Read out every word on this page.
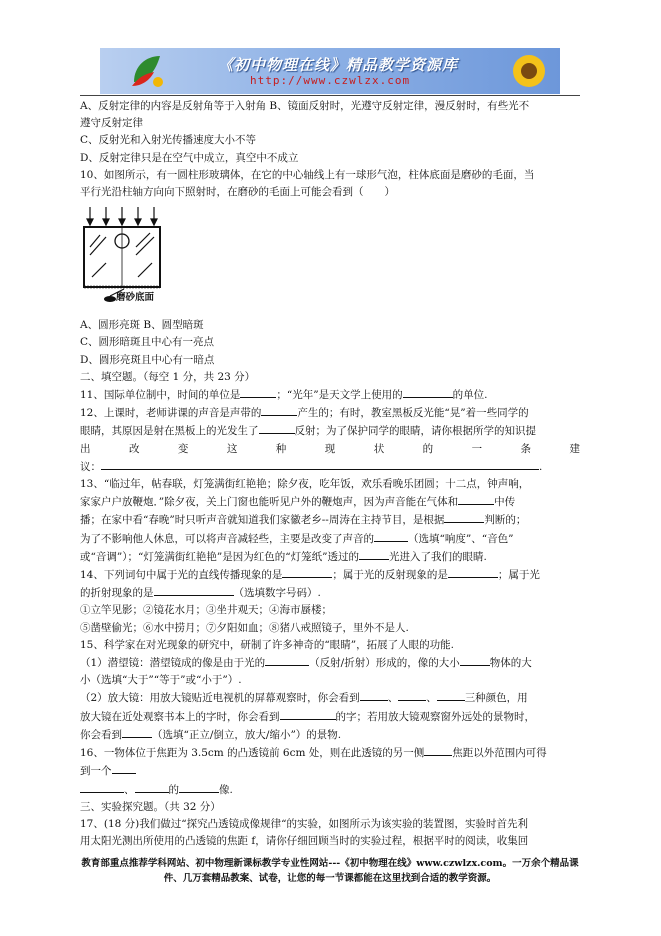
《初中物理在线》精品教学资源库
http://www.czwlzx.com

A、反射定律的内容是反射角等于入射角 B、镜面反射时，光遵守反射定律，漫反射时，有些光不

遵守反射定律

C、反射光和入射光传播速度大小不等

D、反射定律只是在空气中成立，真空中不成立

10、如图所示，有一圆柱形玻璃体，在它的中心轴线上有一球形气泡，柱体底面是磨砂的毛面，当

平行光沿柱轴方向向下照射时，在磨砂的毛面上可能会看到（　　）

磨砂底面

A、圆形亮斑 B、圆型暗斑

C、圆形暗斑且中心有一亮点

D、圆形亮斑且中心有一暗点

二、填空题。（每空 1 分，共 23 分）

11、国际单位制中，时间的单位是	；“光年”是天文学上使用的	的单位.

12、上课时，老师讲课的声音是声带的	产生的；有时，教室黑板反光能“晃”着一些同学的

眼睛，其原因是射在黑板上的光发生了	反射；为了保护同学的眼睛，请你根据所学的知识提

出　改　变　这　种　现　状　的　一　条　建

议：	.

13、“临过年，帖春联，灯笼满街红艳艳；除夕夜，吃年饭，欢乐看晚乐团圆；十二点，钟声响，

家家户户放鞭炮．”除夕夜，关上门窗也能听见户外的鞭炮声，因为声音能在气体和	中传

播；在家中看“春晚”时只听声音就知道我们家徽老乡--周涛在主持节目，是根据	判断的；

为了不影响他人休息，可以将声音减轻些，主要是改变了声音的	（选填“响度”、“音色”

或“音调”）；“灯笼满街红艳艳”是因为红色的“灯笼纸”透过的	光进入了我们的眼睛.

14、下列词句中属于光的直线传播现象的是	；属于光的反射现象的是	；属于光

的折射现象的是	（选填数字号码）.

①立竿见影；②镜花水月；③坐井观天；④海市蜃楼；

⑤凿壁偷光；⑥水中捞月；⑦夕阳如血；⑧猪八戒照镜子，里外不是人.

15、科学家在对光现象的研究中，研制了许多神奇的“眼睛”，拓展了人眼的功能.

（1）潜望镜：潜望镜成的像是由于光的	（反射/折射）形成的，像的大小	物体的大

小（选填“大于”“等于”或“小于”）.

（2）放大镜：用放大镜贴近电视机的屏幕观察时，你会看到	、	、	三种颜色，用

放大镜在近处观察书本上的字时，你会看到	的字；若用放大镜观察窗外远处的景物时，

你会看到	（选填“正立/倒立，放大/缩小”）的景物.

16、一物体位于焦距为 3.5cm 的凸透镜前 6cm 处，则在此透镜的另一侧	焦距以外范围内可得

到一个

、	的	像.

三、实验探究题。（共 32 分）

17、(18 分)我们做过“探究凸透镜成像规律“的实验，如图所示为该实验的装置图，实验时首先利

用太阳光测出所使用的凸透镜的焦距 f，请你仔细回顾当时的实验过程，根据平时的阅读，收集回

教育部重点推荐学科网站、初中物理新课标教学专业性网站---《初中物理在线》www.czwlzx.com。一万余个精品课
件、几万套精品教案、试卷，让您的每一节课都能在这里找到合适的教学资源。
